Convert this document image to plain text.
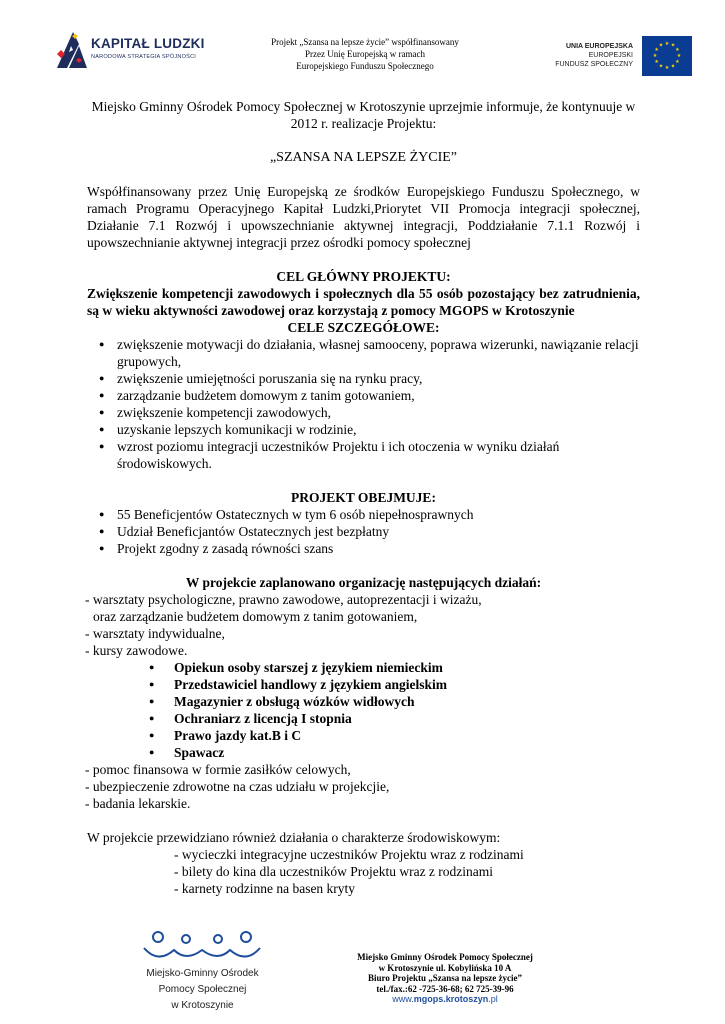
KAPITAŁ LUDZKI
NARODOWA STRATEGIA SPÓJNOŚCI
Projekt „Szansa na lepsze życie” współfinansowany
Przez Unię Europejską w ramach
Europejskiego Funduszu Społecznego
UNIA EUROPEJSKA
EUROPEJSKI
FUNDUSZ SPOŁECZNY
★ ★
★
★
★
★
★
★
★
★
★
★

Miejsko Gminny Ośrodek Pomocy Społecznej w Krotoszynie uprzejmie informuje, że kontynuuje w 2012 r. realizacje Projektu:

„SZANSA NA LEPSZE ŻYCIE”

Współfinansowany przez Unię Europejską ze środków Europejskiego Funduszu Społecznego, w ramach Programu Operacyjnego Kapitał Ludzki,Priorytet VII Promocja integracji społecznej, Działanie 7.1 Rozwój i upowszechnianie aktywnej integracji, Poddziałanie 7.1.1 Rozwój i upowszechnianie aktywnej integracji przez ośrodki pomocy społecznej

CEL GŁÓWNY PROJEKTU:

Zwiększenie kompetencji zawodowych i społecznych dla 55 osób pozostający bez zatrudnienia, są w wieku aktywności zawodowej oraz korzystają z pomocy MGOPS w Krotoszynie

CELE SZCZEGÓŁOWE:

● zwiększenie motywacji do działania, własnej samooceny, poprawa wizerunki, nawiązanie relacji grupowych,
● zwiększenie umiejętności poruszania się na rynku pracy,
● zarządzanie budżetem domowym z tanim gotowaniem,
● zwiększenie kompetencji zawodowych,
● uzyskanie lepszych komunikacji w rodzinie,
● wzrost poziomu integracji uczestników Projektu i ich otoczenia w wyniku działań środowiskowych.

PROJEKT OBEJMUJE:

● 55 Beneficjentów Ostatecznych w tym 6 osób niepełnosprawnych
● Udział Beneficjantów Ostatecznych jest bezpłatny
● Projekt zgodny z zasadą równości szans

W projekcie zaplanowano organizację następujących działań:

- warsztaty psychologiczne, prawno zawodowe, autoprezentacji i wizażu,
oraz zarządzanie budżetem domowym z tanim gotowaniem,
- warsztaty indywidualne,
- kursy zawodowe.
● Opiekun osoby starszej z językiem niemieckim
● Przedstawiciel handlowy z językiem angielskim
● Magazynier z obsługą wózków widłowych
● Ochraniarz z licencją I stopnia
● Prawo jazdy kat.B i C
● Spawacz
- pomoc finansowa w formie zasiłków celowych,
- ubezpieczenie zdrowotne na czas udziału w projekcjie,
- badania lekarskie.

W projekcie przewidziano również działania o charakterze środowiskowym:

- wycieczki integracyjne uczestników Projektu wraz z rodzinami
- bilety do kina dla uczestników Projektu wraz z rodzinami
- karnety rodzinne na basen kryty
Miejsko-Gminny Ośrodek
Pomocy Społecznej
w Krotoszynie
Miejsko Gminny Ośrodek Pomocy Społecznej
w Krotoszynie ul. Kobylińska 10 A
Biuro Projektu „Szansa na lepsze życie”
tel./fax.:62 -725-36-68; 62 725-39-96
www.mgops.krotoszyn.pl
